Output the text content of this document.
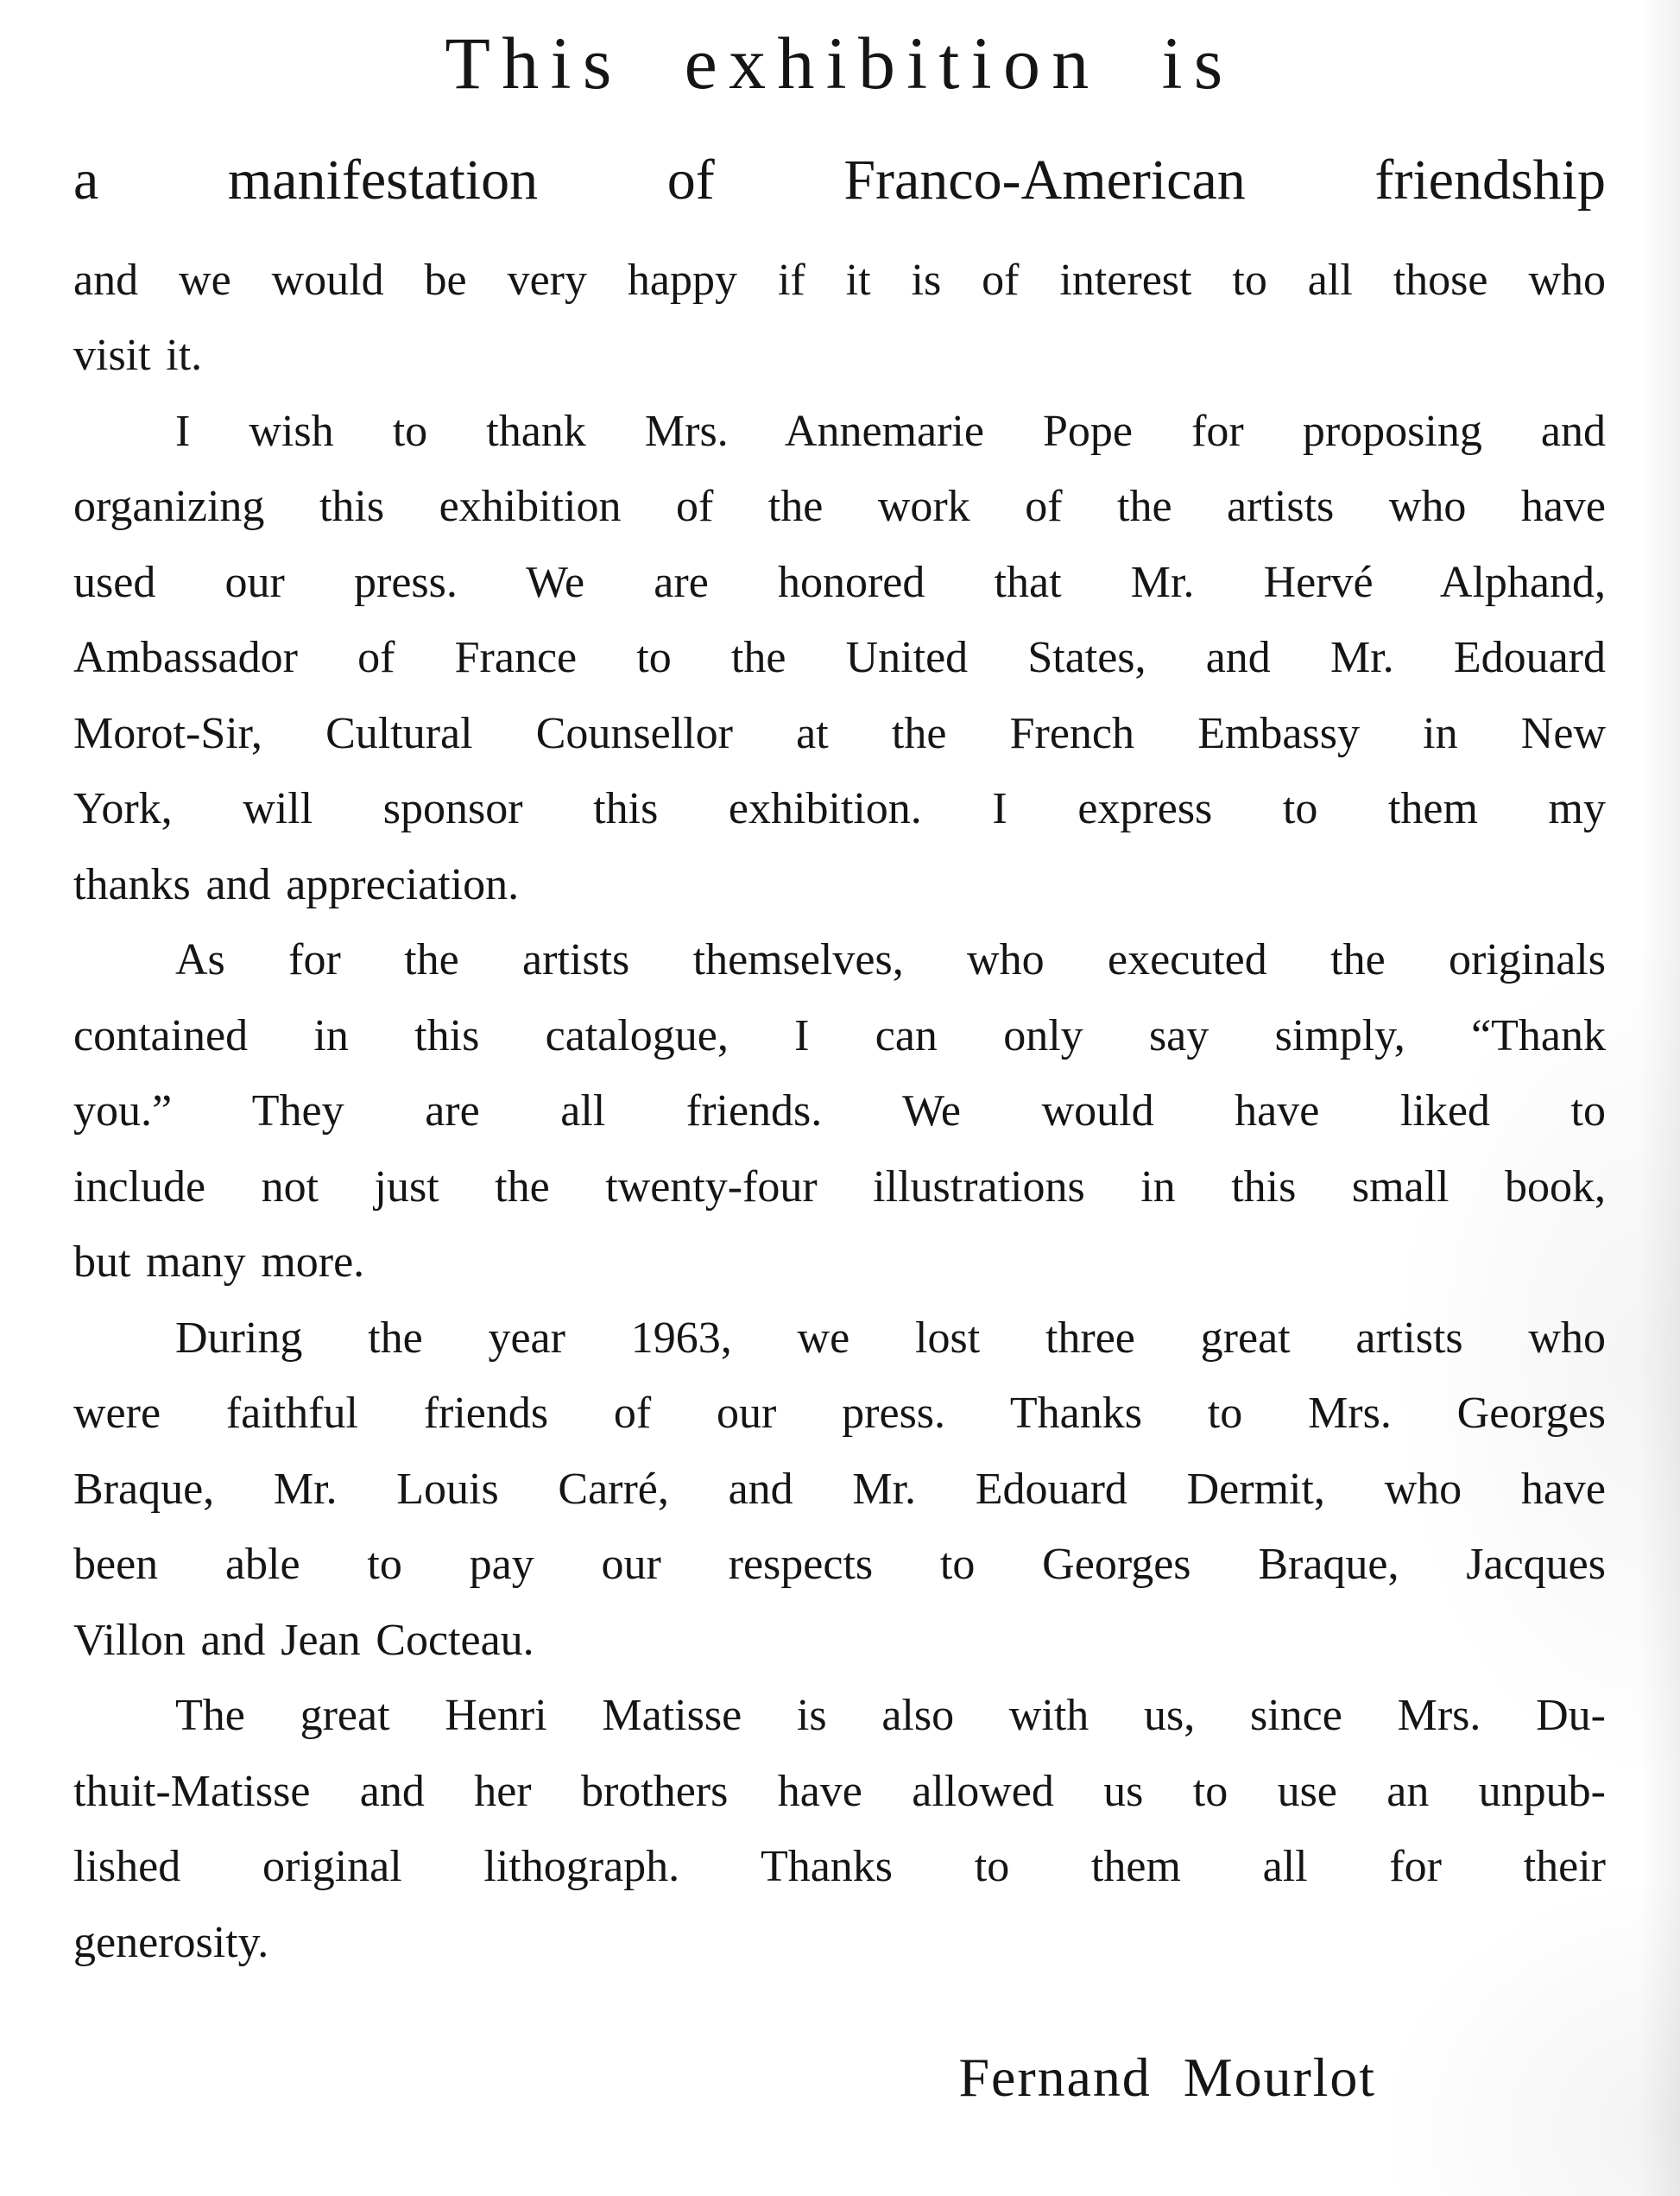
This exhibition is
a manifestation of Franco-American friendship
and we would be very happy if it is of interest to all those who
visit it.
I wish to thank Mrs. Annemarie Pope for proposing and
organizing this exhibition of the work of the artists who have
used our press. We are honored that Mr. Hervé Alphand,
Ambassador of France to the United States, and Mr. Edouard
Morot-Sir, Cultural Counsellor at the French Embassy in New
York, will sponsor this exhibition. I express to them my
thanks and appreciation.
As for the artists themselves, who executed the originals
contained in this catalogue, I can only say simply, “Thank
you.” They are all friends. We would have liked to
include not just the twenty-four illustrations in this small book,
but many more.
During the year 1963, we lost three great artists who
were faithful friends of our press. Thanks to Mrs. Georges
Braque, Mr. Louis Carré, and Mr. Edouard Dermit, who have
been able to pay our respects to Georges Braque, Jacques
Villon and Jean Cocteau.
The great Henri Matisse is also with us, since Mrs. Du-
thuit-Matisse and her brothers have allowed us to use an unpub-
lished original lithograph. Thanks to them all for their
generosity.
Fernand Mourlot
